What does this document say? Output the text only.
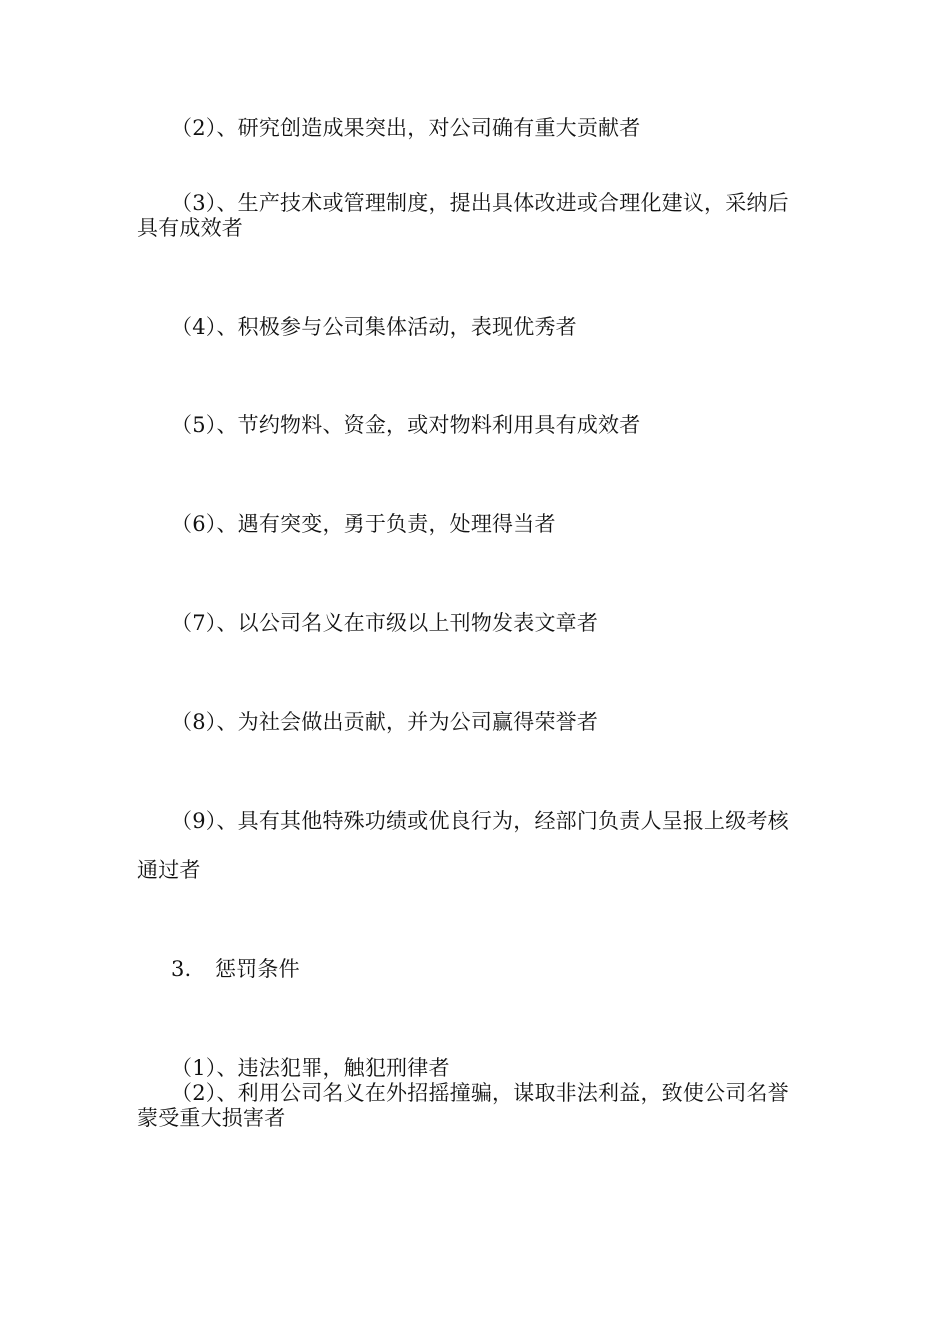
（2）、研究创造成果突出，对公司确有重大贡献者
（3）、生产技术或管理制度，提出具体改进或合理化建议，采纳后
具有成效者
（4）、积极参与公司集体活动，表现优秀者
（5）、节约物料、资金，或对物料利用具有成效者
（6）、遇有突变，勇于负责，处理得当者
（7）、以公司名义在市级以上刊物发表文章者
（8）、为社会做出贡献，并为公司赢得荣誉者
（9）、具有其他特殊功绩或优良行为，经部门负责人呈报上级考核
通过者
3. 惩罚条件
（1）、违法犯罪，触犯刑律者
（2）、利用公司名义在外招摇撞骗，谋取非法利益，致使公司名誉
蒙受重大损害者
